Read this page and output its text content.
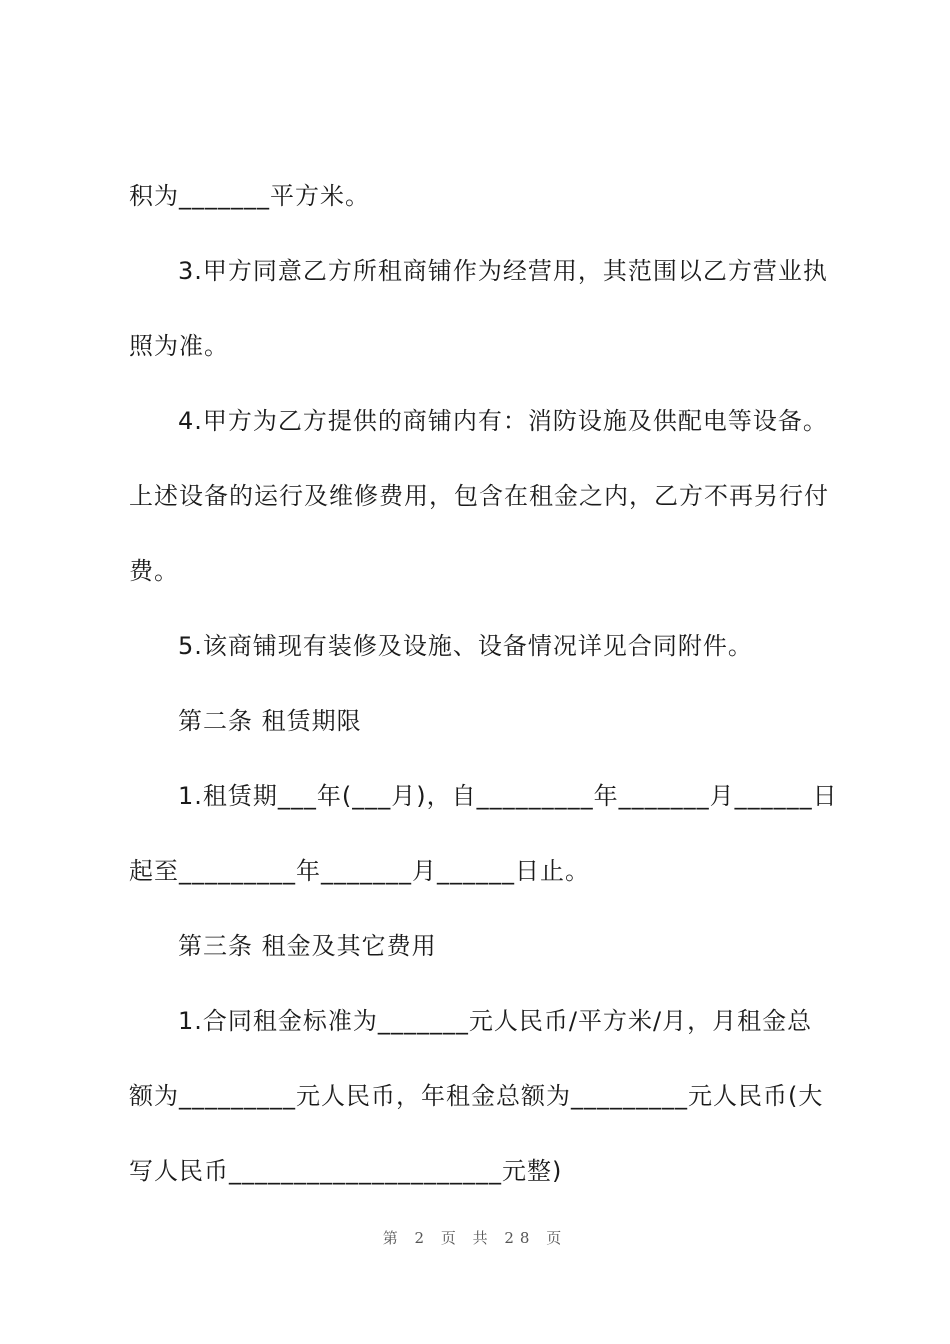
积为_______平方米。
3.甲方同意乙方所租商铺作为经营用，其范围以乙方营业执
照为准。
4.甲方为乙方提供的商铺内有：消防设施及供配电等设备。
上述设备的运行及维修费用，包含在租金之内，乙方不再另行付
费。
5.该商铺现有装修及设施、设备情况详见合同附件。
第二条 租赁期限
1.租赁期___年(___月)，自_________年_______月______日
起至_________年_______月______日止。
第三条 租金及其它费用
1.合同租金标准为_______元人民币/平方米/月，月租金总
额为_________元人民币，年租金总额为_________元人民币(大
写人民币_____________________元整)
第 2 页 共 28 页
